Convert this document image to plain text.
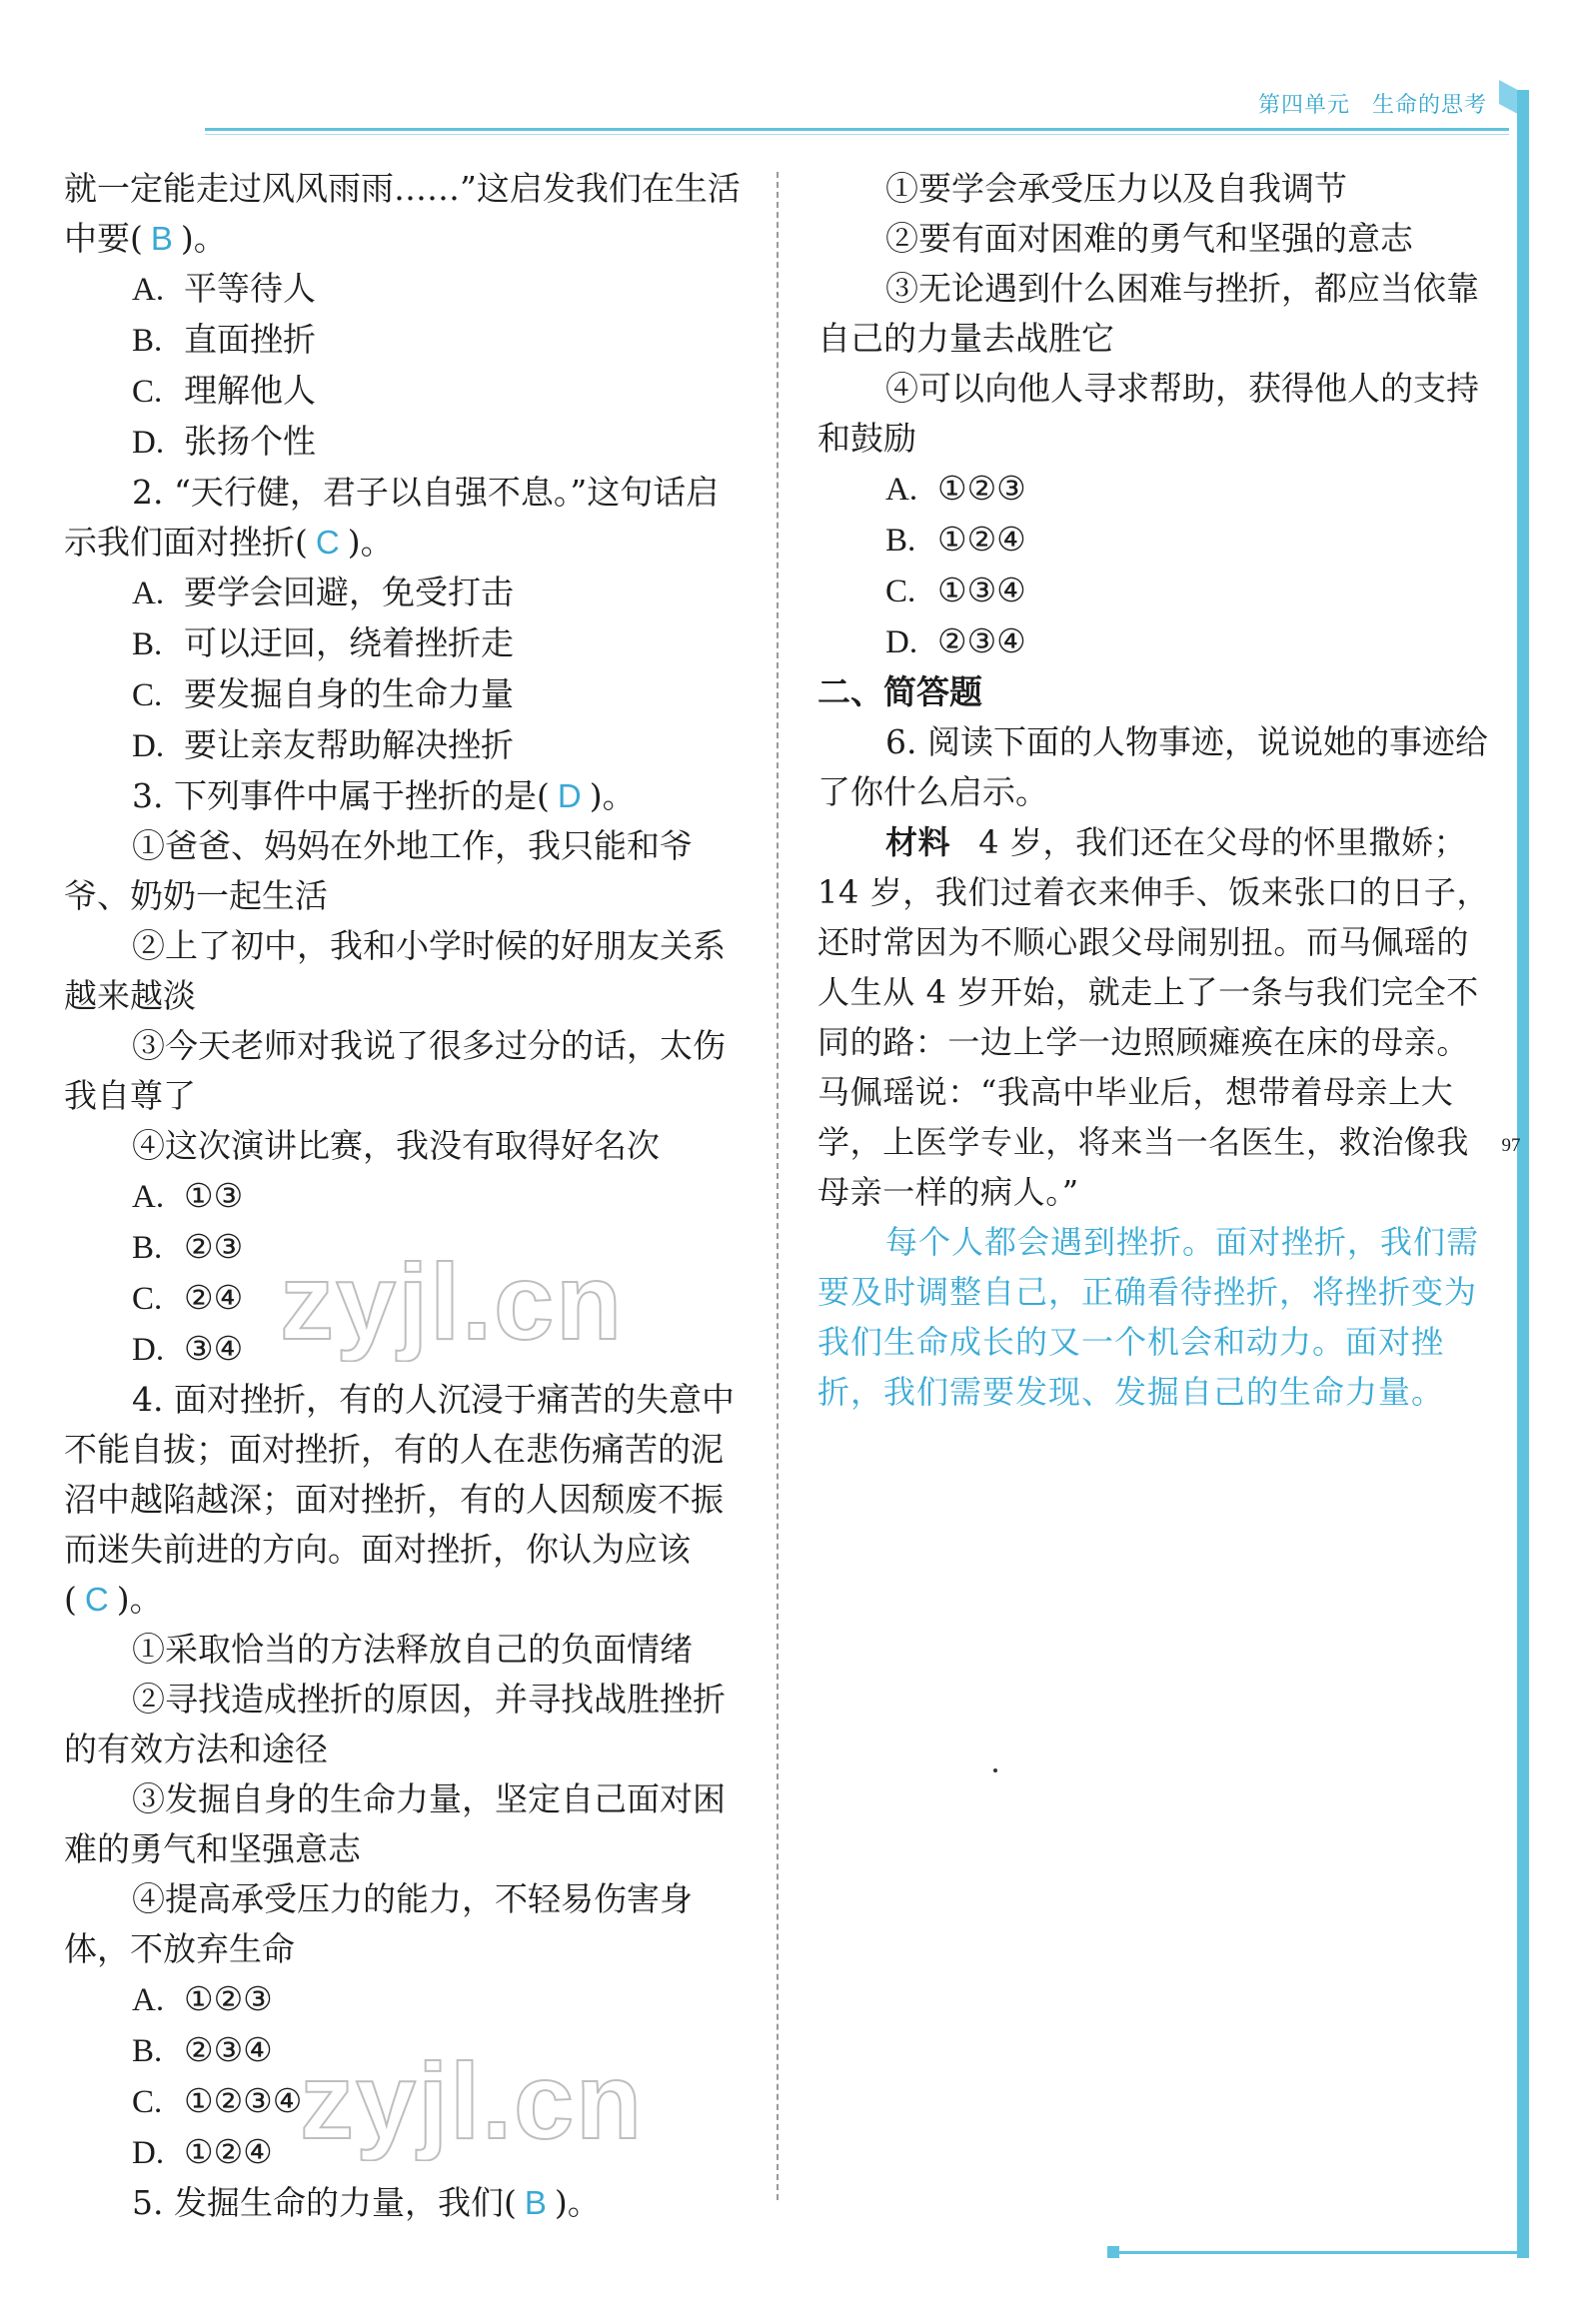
第四单元 生命的思考
97

就一定能走过风风雨雨……”这启发我们在生活中要( B )。

A. 平等待人

B. 直面挫折

C. 理解他人

D. 张扬个性

2. “天行健，君子以自强不息。”这句话启示我们面对挫折( C )。

A. 要学会回避，免受打击

B. 可以迂回，绕着挫折走

C. 要发掘自身的生命力量

D. 要让亲友帮助解决挫折

3. 下列事件中属于挫折的是( D )。

①爸爸、妈妈在外地工作，我只能和爷爷、奶奶一起生活

②上了初中，我和小学时候的好朋友关系越来越淡

③今天老师对我说了很多过分的话，太伤我自尊了

④这次演讲比赛，我没有取得好名次

A. ①③

B. ②③

C. ②④

D. ③④

4. 面对挫折，有的人沉浸于痛苦的失意中不能自拔；面对挫折，有的人在悲伤痛苦的泥沼中越陷越深；面对挫折，有的人因颓废不振而迷失前进的方向。面对挫折，你认为应该( C )。

①采取恰当的方法释放自己的负面情绪

②寻找造成挫折的原因，并寻找战胜挫折的有效方法和途径

③发掘自身的生命力量，坚定自己面对困难的勇气和坚强意志

④提高承受压力的能力，不轻易伤害身体，不放弃生命

A. ①②③

B. ②③④

C. ①②③④

D. ①②④

5. 发掘生命的力量，我们( B )。

①要学会承受压力以及自我调节

②要有面对困难的勇气和坚强的意志

③无论遇到什么困难与挫折，都应当依靠自己的力量去战胜它

④可以向他人寻求帮助，获得他人的支持和鼓励

A. ①②③

B. ①②④

C. ①③④

D. ②③④

二、简答题

6. 阅读下面的人物事迹，说说她的事迹给了你什么启示。

材料 4 岁，我们还在父母的怀里撒娇；14 岁，我们过着衣来伸手、饭来张口的日子，还时常因为不顺心跟父母闹别扭。而马佩瑶的人生从 4 岁开始，就走上了一条与我们完全不同的路：一边上学一边照顾瘫痪在床的母亲。马佩瑶说：“我高中毕业后，想带着母亲上大学，上医学专业，将来当一名医生，救治像我母亲一样的病人。”

每个人都会遇到挫折。面对挫折，我们需要及时调整自己，正确看待挫折，将挫折变为我们生命成长的又一个机会和动力。面对挫折，我们需要发现、发掘自己的生命力量。

zyjl.cn
zyjl.cn
